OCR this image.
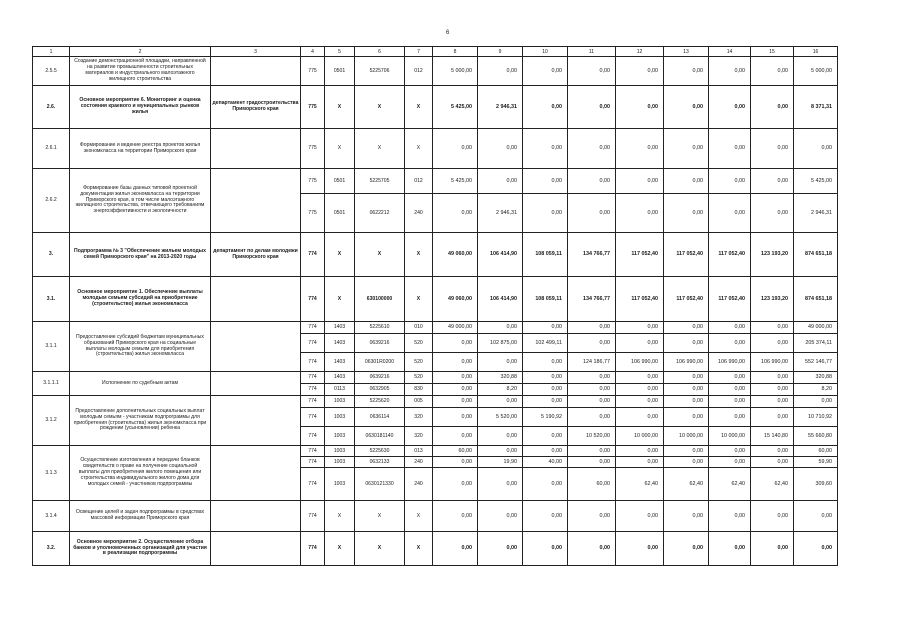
6
1	2	3	4	5	6	7	8	9	10	11	12	13	14	15	16
2.5.5	Создание демонстрационной площадки, направленной на развитие промышленности строительных материалов и индустриального малоэтажного жилищного строительства		775	0501	5225706	012	5 000,00	0,00	0,00	0,00	0,00	0,00	0,00	0,00	5 000,00
2.6.	Основное мероприятие 6. Мониторинг и оценка состояния краевого и муниципальных рынков жилья	департамент градостроительства Приморского края	775	X	X	X	5 425,00	2 946,31	0,00	0,00	0,00	0,00	0,00	0,00	8 371,31
2.6.1	Формирование и ведение реестра проектов жилья экономкласса на территории Приморского края		775	X	X	X	0,00	0,00	0,00	0,00	0,00	0,00	0,00	0,00	0,00
2.6.2	Формирование базы данных типовой проектной документации жилья экономкласса на территории Приморского края, в том числе малоэтажного жилищного строительства, отвечающего требованиям энергоэффективности и экологичности		775	0501	5225705	012	5 425,00	0,00	0,00	0,00	0,00	0,00	0,00	0,00	5 425,00
			775	0501	0622212	240	0,00	2 946,31	0,00	0,00	0,00	0,00	0,00	0,00	2 946,31
3.	Подпрограмма № 3 "Обеспечение жильем молодых семей Приморского края" на 2013-2020 годы	департамент по делам молодежи Приморского края	774	X	X	X	49 060,00	106 414,90	108 059,11	134 766,77	117 052,40	117 052,40	117 052,40	123 193,20	874 651,18
3.1.	Основное мероприятие 1. Обеспечение выплаты молодым семьям субсидий на приобретение (строительство) жилья экономкласса		774	X	630100000	X	49 060,00	106 414,90	108 059,11	134 766,77	117 052,40	117 052,40	117 052,40	123 193,20	874 651,18
3.1.1	Предоставление субсидий бюджетам муниципальных образований Приморского края на социальные выплаты молодым семьям для приобретения (строительства) жилья экономкласса		774	1403	5225610	010	49 000,00	0,00	0,00	0,00	0,00	0,00	0,00	0,00	49 000,00
			774	1403	0639216	520	0,00	102 875,00	102 499,11	0,00	0,00	0,00	0,00	0,00	205 374,11
			774	1403	06301R0200	520	0,00	0,00	0,00	124 186,77	106 990,00	106 990,00	106 990,00	106 990,00	552 146,77
3.1.1.1	Исполнение по судебным актам		774	1403	0639216	520	0,00	320,88	0,00	0,00	0,00	0,00	0,00	0,00	320,88
			774	0113	0632905	830	0,00	8,20	0,00	0,00	0,00	0,00	0,00	0,00	8,20
3.1.2	Предоставление дополнительных социальных выплат молодым семьям - участникам подпрограммы для приобретения (строительства) жилья экономкласса при рождении (усыновлении) ребенка		774	1003	5225620	005	0,00	0,00	0,00	0,00	0,00	0,00	0,00	0,00	0,00
			774	1003	0636114	320	0,00	5 520,00	5 190,92	0,00	0,00	0,00	0,00	0,00	10 710,92
			774	1003	0630181140	320	0,00	0,00	0,00	10 520,00	10 000,00	10 000,00	10 000,00	15 140,80	55 660,80
3.1.3	Осуществление изготовления и передачи бланков свидетельств о праве на получение социальной выплаты для приобретения жилого помещения или строительства индивидуального жилого дома для молодых семей - участников подпрограммы		774	1003	5225630	013	60,00	0,00	0,00	0,00	0,00	0,00	0,00	0,00	60,00
			774	1003	0632133	240	0,00	19,90	40,00	0,00	0,00	0,00	0,00	0,00	59,90
			774	1003	0630121330	240	0,00	0,00	0,00	60,00	62,40	62,40	62,40	62,40	309,60
3.1.4	Освещение целей и задач подпрограммы в средствах массовой информации Приморского края		774	X	X	X	0,00	0,00	0,00	0,00	0,00	0,00	0,00	0,00	0,00
3.2.	Основное мероприятие 2. Осуществление отбора банков и уполномоченных организаций для участия в реализации подпрограммы		774	X	X	X	0,00	0,00	0,00	0,00	0,00	0,00	0,00	0,00	0,00
